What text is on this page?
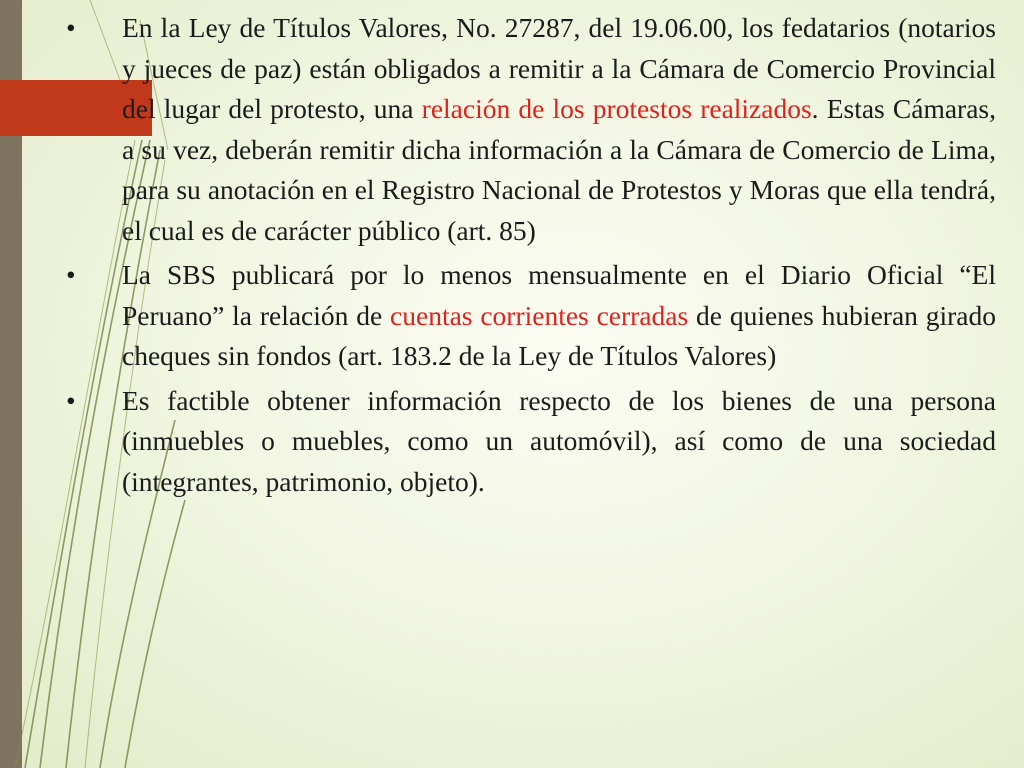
•	En la Ley de Títulos Valores, No. 27287, del 19.06.00, los fedatarios (notarios y jueces de paz) están obligados a remitir a la Cámara de Comercio Provincial del lugar del protesto, una relación de los protestos realizados. Estas Cámaras, a su vez, deberán remitir dicha información a la Cámara de Comercio de Lima, para su anotación en el Registro Nacional de Protestos y Moras que ella tendrá, el cual es de carácter público (art. 85)

•	La SBS publicará por lo menos mensualmente en el Diario Oficial “El Peruano” la relación de cuentas corrientes cerradas de quienes hubieran girado cheques sin fondos (art. 183.2 de la Ley de Títulos Valores)

•	Es factible obtener información respecto de los bienes de una persona (inmuebles o muebles, como un automóvil), así como de una sociedad (integrantes, patrimonio, objeto).
